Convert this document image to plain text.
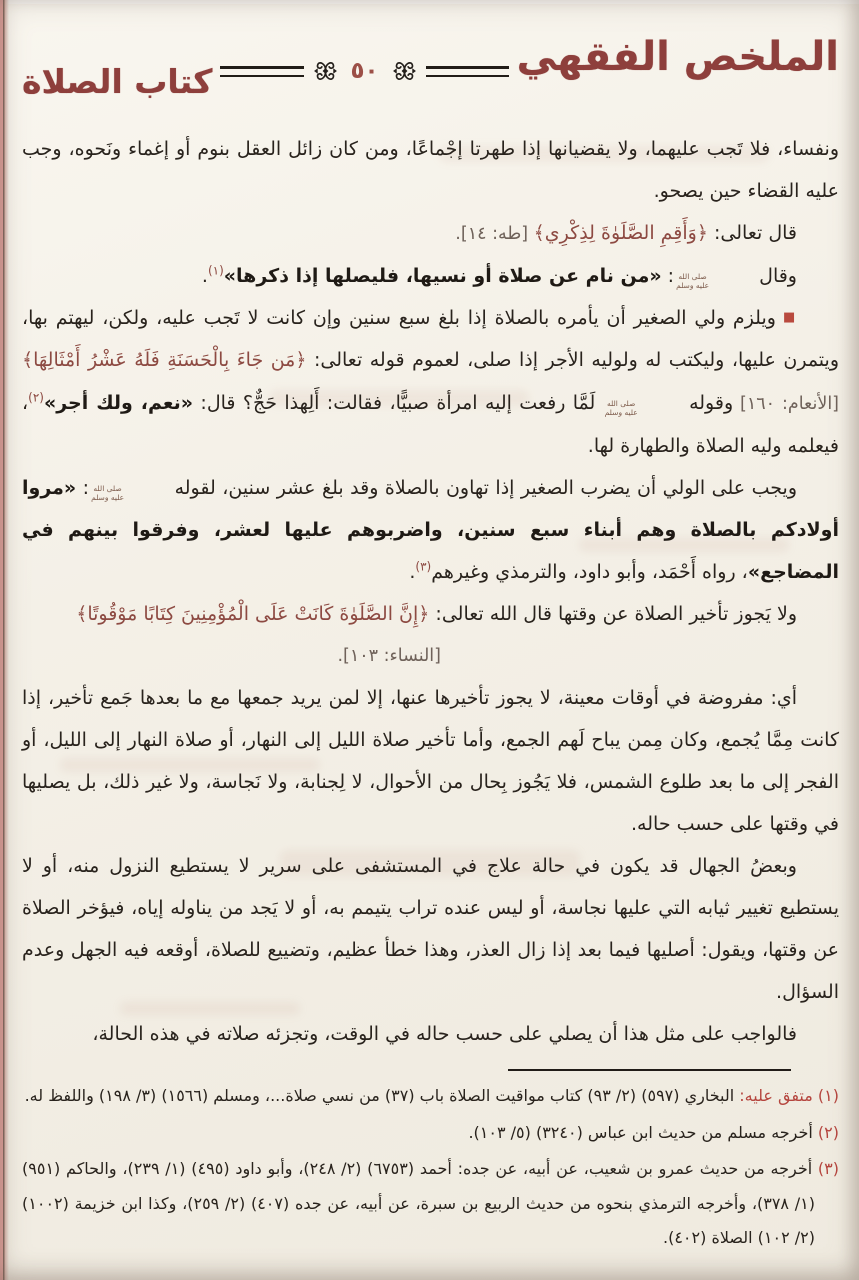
الملخص الفقهي
٥٠
كتاب الصلاة

ونفساء، فلا تَجب عليهما، ولا يقضيانها إذا طهرتا إجْماعًا، ومن كان زائل العقل بنوم أو إغماء ونَحوه، وجب عليه القضاء حين يصحو.

قال تعالى: ﴿وَأَقِمِ الصَّلَوٰةَ لِذِكْرِي﴾ [طه: ١٤].

وقال
صلى الله
عليه وسلم
: «من نام عن صلاة أو نسيها، فليصلها إذا ذكرها»$^{(١)}$.

■ويلزم ولي الصغير أن يأمره بالصلاة إذا بلغ سبع سنين وإن كانت لا تَجب عليه، ولكن، ليهتم بها، ويتمرن عليها، وليكتب له ولوليه الأجر إذا صلى، لعموم قوله تعالى: ﴿مَن جَاءَ بِالْحَسَنَةِ فَلَهُ عَشْرُ أَمْثَالِهَا﴾ [الأنعام: ١٦٠] وقوله
صلى الله
عليه وسلم
لَمَّا رفعت إليه امرأة صبيًّا، فقالت: أَلِهذا حَجٌّ؟ قال: «نعم، ولك أجر»$^{(٢)}$، فيعلمه وليه الصلاة والطهارة لها.

ويجب على الولي أن يضرب الصغير إذا تهاون بالصلاة وقد بلغ عشر سنين، لقوله
صلى الله
عليه وسلم
: «مروا أولادكم بالصلاة وهم أبناء سبع سنين، واضربوهم عليها لعشر، وفرقوا بينهم في المضاجع»، رواه أَحْمَد، وأبو داود، والترمذي وغيرهم$^{(٣)}$.

ولا يَجوز تأخير الصلاة عن وقتها قال الله تعالى: ﴿إِنَّ الصَّلَوٰةَ كَانَتْ عَلَى الْمُؤْمِنِينَ كِتَابًا مَوْقُوتًا﴾

[النساء: ١٠٣].

أي: مفروضة في أوقات معينة، لا يجوز تأخيرها عنها، إلا لمن يريد جمعها مع ما بعدها جَمع تأخير، إذا كانت مِمَّا يُجمع، وكان مِمن يباح لَهم الجمع، وأما تأخير صلاة الليل إلى النهار، أو صلاة النهار إلى الليل، أو الفجر إلى ما بعد طلوع الشمس، فلا يَجُوز بِحال من الأحوال، لا لِجنابة، ولا نَجاسة، ولا غير ذلك، بل يصليها في وقتها على حسب حاله.

وبعضُ الجهال قد يكون في حالة علاج في المستشفى على سرير لا يستطيع النزول منه، أو لا يستطيع تغيير ثيابه التي عليها نجاسة، أو ليس عنده تراب يتيمم به، أو لا يَجد من يناوله إياه، فيؤخر الصلاة عن وقتها، ويقول: أصليها فيما بعد إذا زال العذر، وهذا خطأ عظيم، وتضييع للصلاة، أوقعه فيه الجهل وعدم السؤال.

فالواجب على مثل هذا أن يصلي على حسب حاله في الوقت، وتجزئه صلاته في هذه الحالة،

(١) متفق عليه: البخاري (٥٩٧) (٢/ ٩٣) كتاب مواقيت الصلاة باب (٣٧) من نسي صلاة...، ومسلم (١٥٦٦) (٣/ ١٩٨) واللفظ له.
(٢) أخرجه مسلم من حديث ابن عباس (٣٢٤٠) (٥/ ١٠٣).
(٣) أخرجه من حديث عمرو بن شعيب، عن أبيه، عن جده: أحمد (٦٧٥٣) (٢/ ٢٤٨)، وأبو داود (٤٩٥) (١/ ٢٣٩)، والحاكم (٩٥١) (١/ ٣٧٨)، وأخرجه الترمذي بنحوه من حديث الربيع بن سبرة، عن أبيه، عن جده (٤٠٧) (٢/ ٢٥٩)، وكذا ابن خزيمة (١٠٠٢) (٢/ ١٠٢) الصلاة (٤٠٢).
